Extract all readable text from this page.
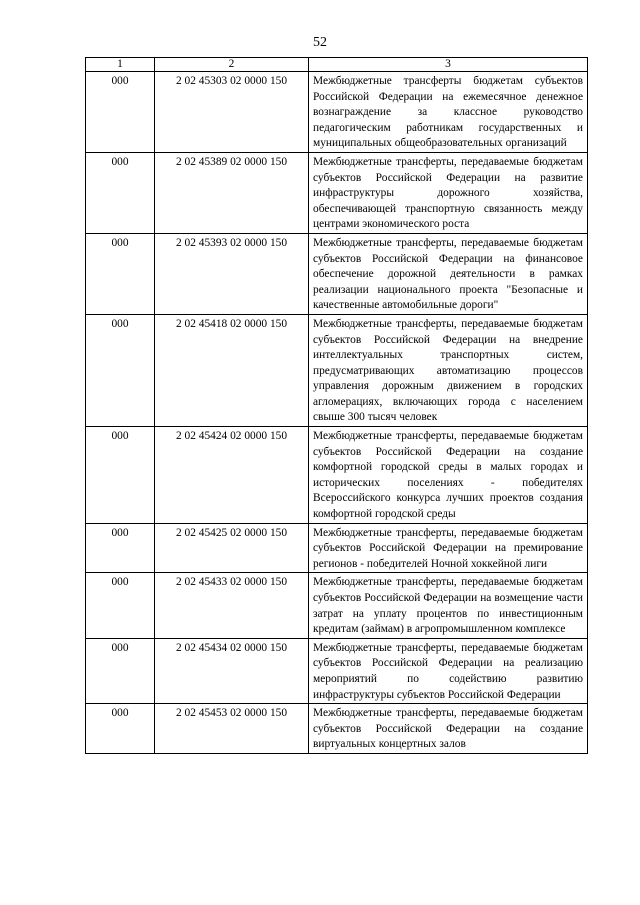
52
1	2	3
000	2 02 45303 02 0000 150	Межбюджетные трансферты бюджетам субъектов Российской Федерации на ежемесячное денежное вознаграждение за классное руководство педагогическим работникам государственных и муниципальных общеобразовательных организаций
000	2 02 45389 02 0000 150	Межбюджетные трансферты, передаваемые бюджетам субъектов Российской Федерации на развитие инфраструктуры дорожного хозяйства, обеспечивающей транспортную связанность между центрами экономического роста
000	2 02 45393 02 0000 150	Межбюджетные трансферты, передаваемые бюджетам субъектов Российской Федерации на финансовое обеспечение дорожной деятельности в рамках реализации национального проекта "Безопасные и качественные автомобильные дороги"
000	2 02 45418 02 0000 150	Межбюджетные трансферты, передаваемые бюджетам субъектов Российской Федерации на внедрение интеллектуальных транспортных систем, предусматривающих автоматизацию процессов управления дорожным движением в городских агломерациях, включающих города с населением свыше 300 тысяч человек
000	2 02 45424 02 0000 150	Межбюджетные трансферты, передаваемые бюджетам субъектов Российской Федерации на создание комфортной городской среды в малых городах и исторических поселениях - победителях Всероссийского конкурса лучших проектов создания комфортной городской среды
000	2 02 45425 02 0000 150	Межбюджетные трансферты, передаваемые бюджетам субъектов Российской Федерации на премирование регионов - победителей Ночной хоккейной лиги
000	2 02 45433 02 0000 150	Межбюджетные трансферты, передаваемые бюджетам субъектов Российской Федерации на возмещение части затрат на уплату процентов по инвестиционным кредитам (займам) в агропромышленном комплексе
000	2 02 45434 02 0000 150	Межбюджетные трансферты, передаваемые бюджетам субъектов Российской Федерации на реализацию мероприятий по содействию развитию инфраструктуры субъектов Российской Федерации
000	2 02 45453 02 0000 150	Межбюджетные трансферты, передаваемые бюджетам субъектов Российской Федерации на создание виртуальных концертных залов
